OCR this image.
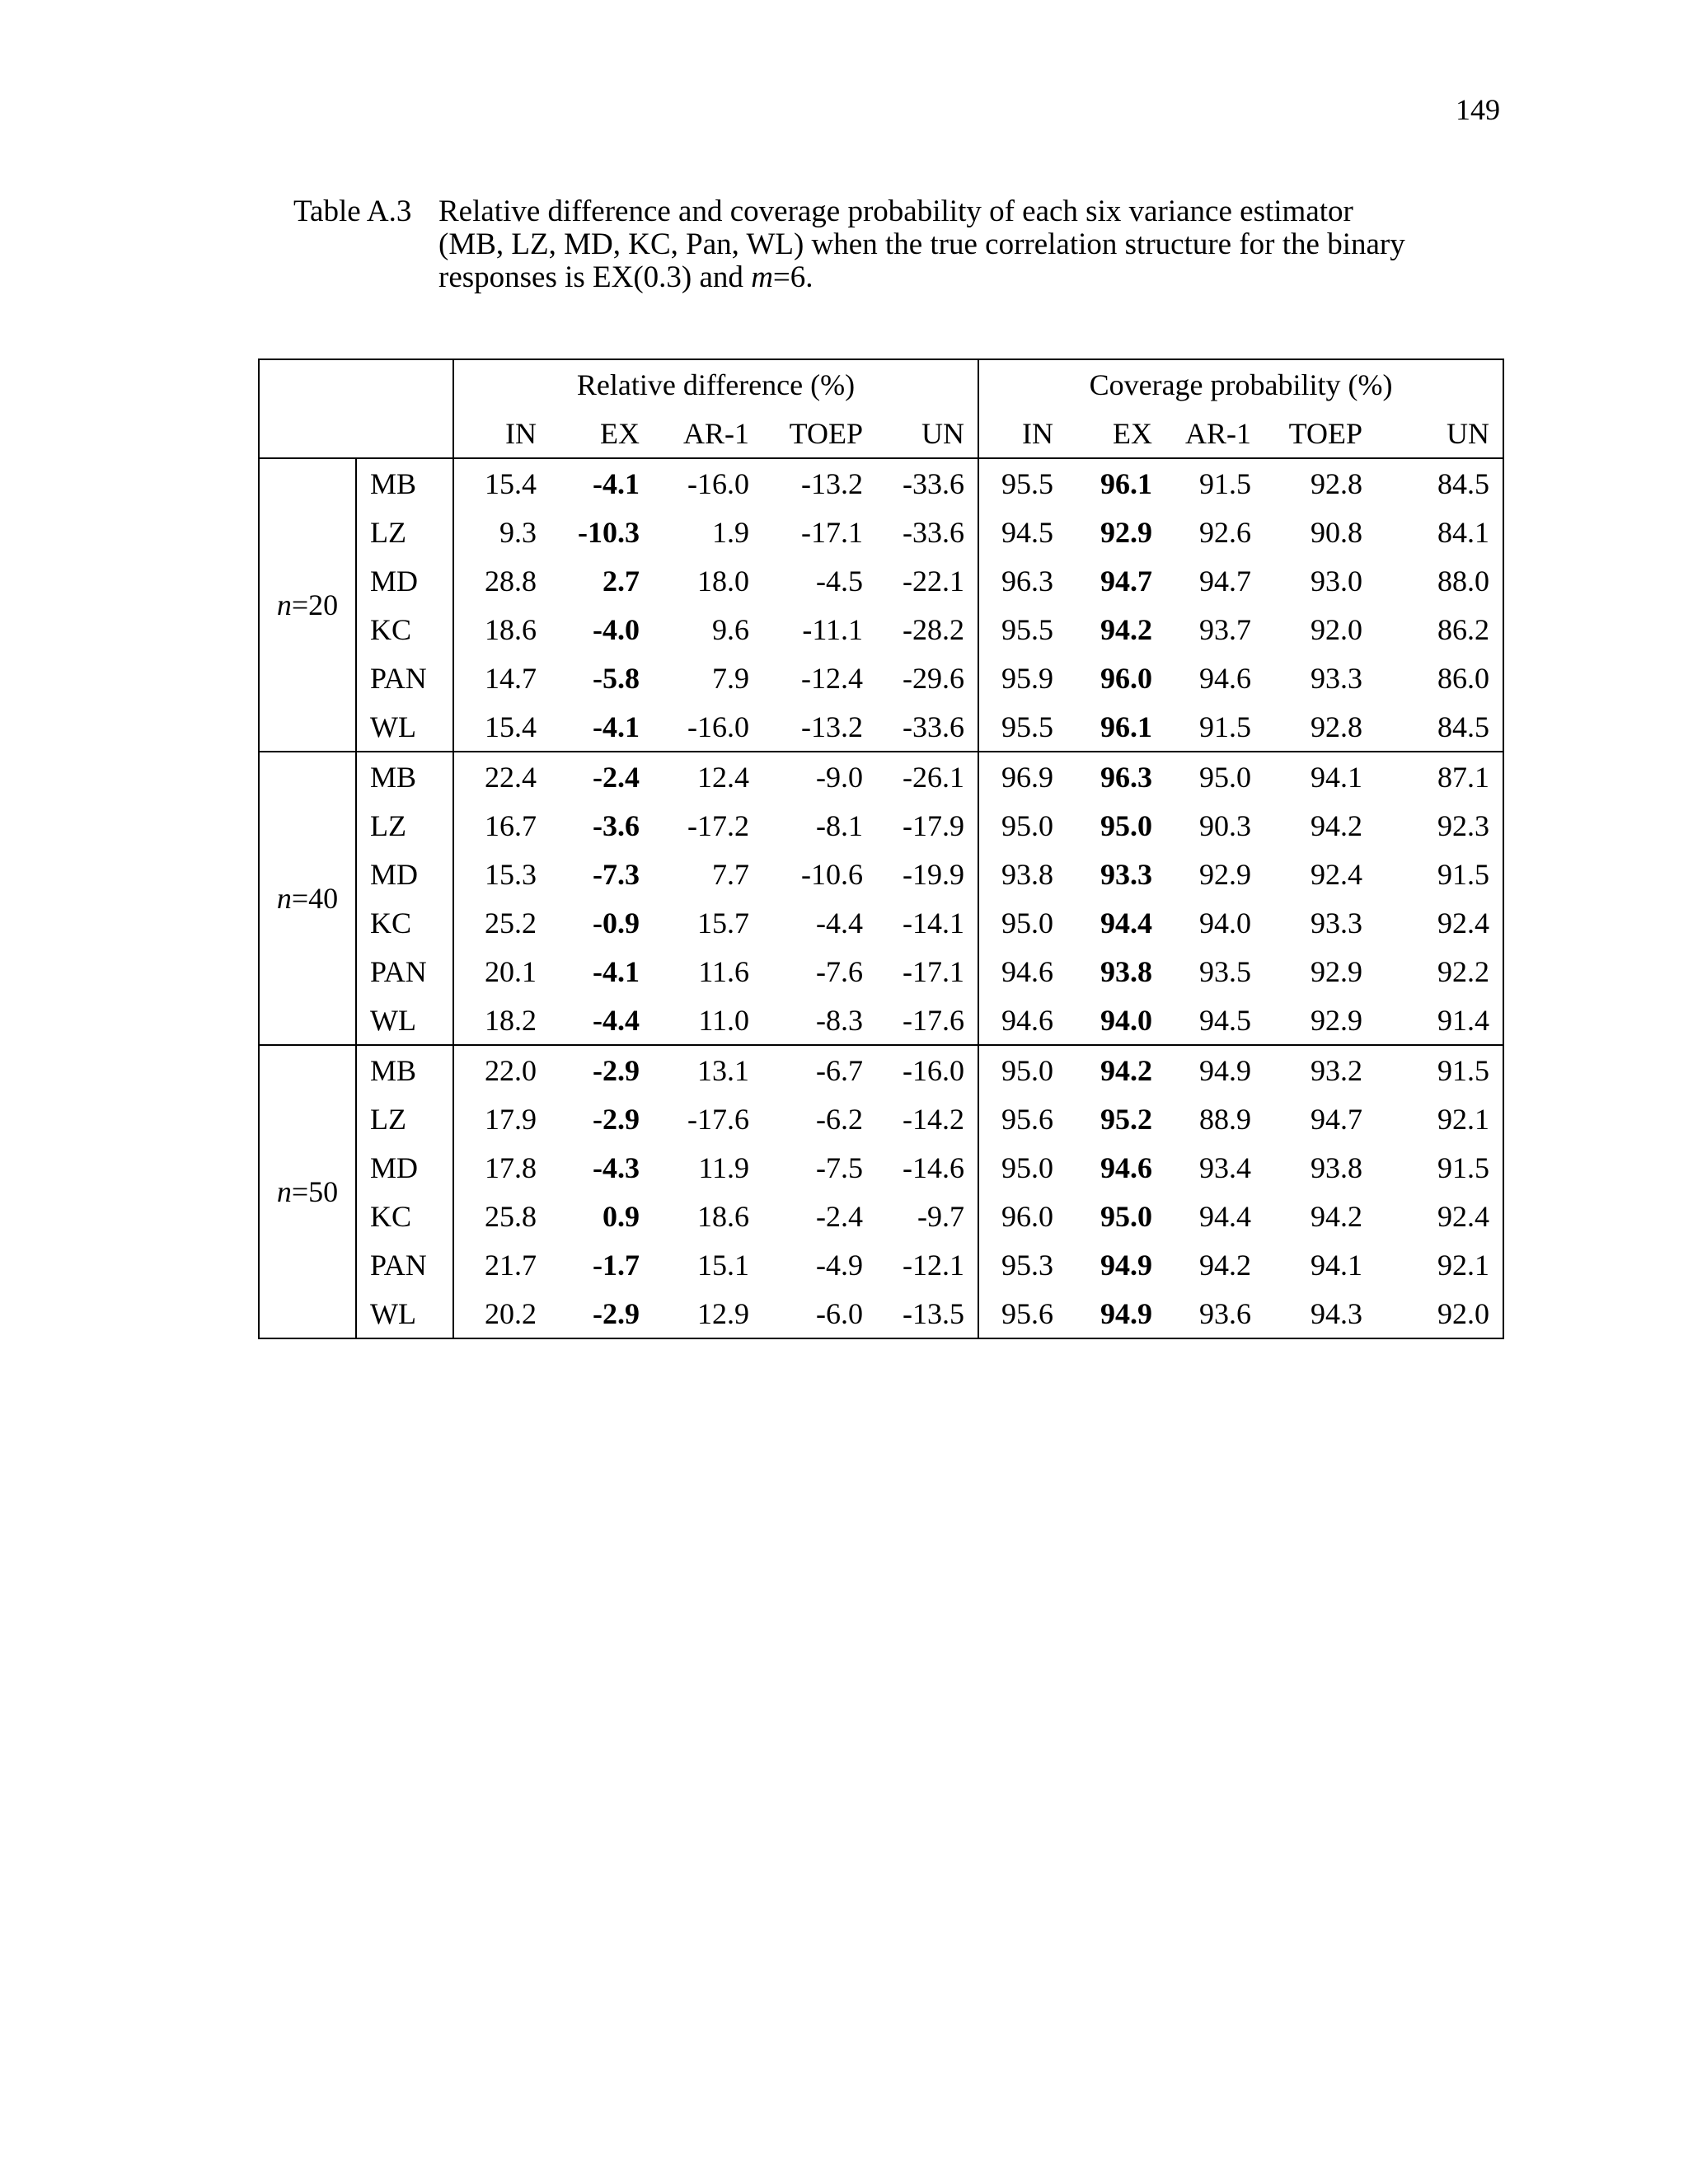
149
Table A.3 Relative difference and coverage probability of each six variance estimator (MB, LZ, MD, KC, Pan, WL) when the true correlation structure for the binary responses is EX(0.3) and m=6.
		Relative difference (%)					Coverage probability (%)				
		IN	EX	AR-1	TOEP	UN	IN	EX	AR-1	TOEP	UN
n=20	MB	15.4	-4.1	-16.0	-13.2	-33.6	95.5	96.1	91.5	92.8	84.5
	LZ	9.3	-10.3	1.9	-17.1	-33.6	94.5	92.9	92.6	90.8	84.1
	MD	28.8	2.7	18.0	-4.5	-22.1	96.3	94.7	94.7	93.0	88.0
	KC	18.6	-4.0	9.6	-11.1	-28.2	95.5	94.2	93.7	92.0	86.2
	PAN	14.7	-5.8	7.9	-12.4	-29.6	95.9	96.0	94.6	93.3	86.0
	WL	15.4	-4.1	-16.0	-13.2	-33.6	95.5	96.1	91.5	92.8	84.5
n=40	MB	22.4	-2.4	12.4	-9.0	-26.1	96.9	96.3	95.0	94.1	87.1
	LZ	16.7	-3.6	-17.2	-8.1	-17.9	95.0	95.0	90.3	94.2	92.3
	MD	15.3	-7.3	7.7	-10.6	-19.9	93.8	93.3	92.9	92.4	91.5
	KC	25.2	-0.9	15.7	-4.4	-14.1	95.0	94.4	94.0	93.3	92.4
	PAN	20.1	-4.1	11.6	-7.6	-17.1	94.6	93.8	93.5	92.9	92.2
	WL	18.2	-4.4	11.0	-8.3	-17.6	94.6	94.0	94.5	92.9	91.4
n=50	MB	22.0	-2.9	13.1	-6.7	-16.0	95.0	94.2	94.9	93.2	91.5
	LZ	17.9	-2.9	-17.6	-6.2	-14.2	95.6	95.2	88.9	94.7	92.1
	MD	17.8	-4.3	11.9	-7.5	-14.6	95.0	94.6	93.4	93.8	91.5
	KC	25.8	0.9	18.6	-2.4	-9.7	96.0	95.0	94.4	94.2	92.4
	PAN	21.7	-1.7	15.1	-4.9	-12.1	95.3	94.9	94.2	94.1	92.1
	WL	20.2	-2.9	12.9	-6.0	-13.5	95.6	94.9	93.6	94.3	92.0
